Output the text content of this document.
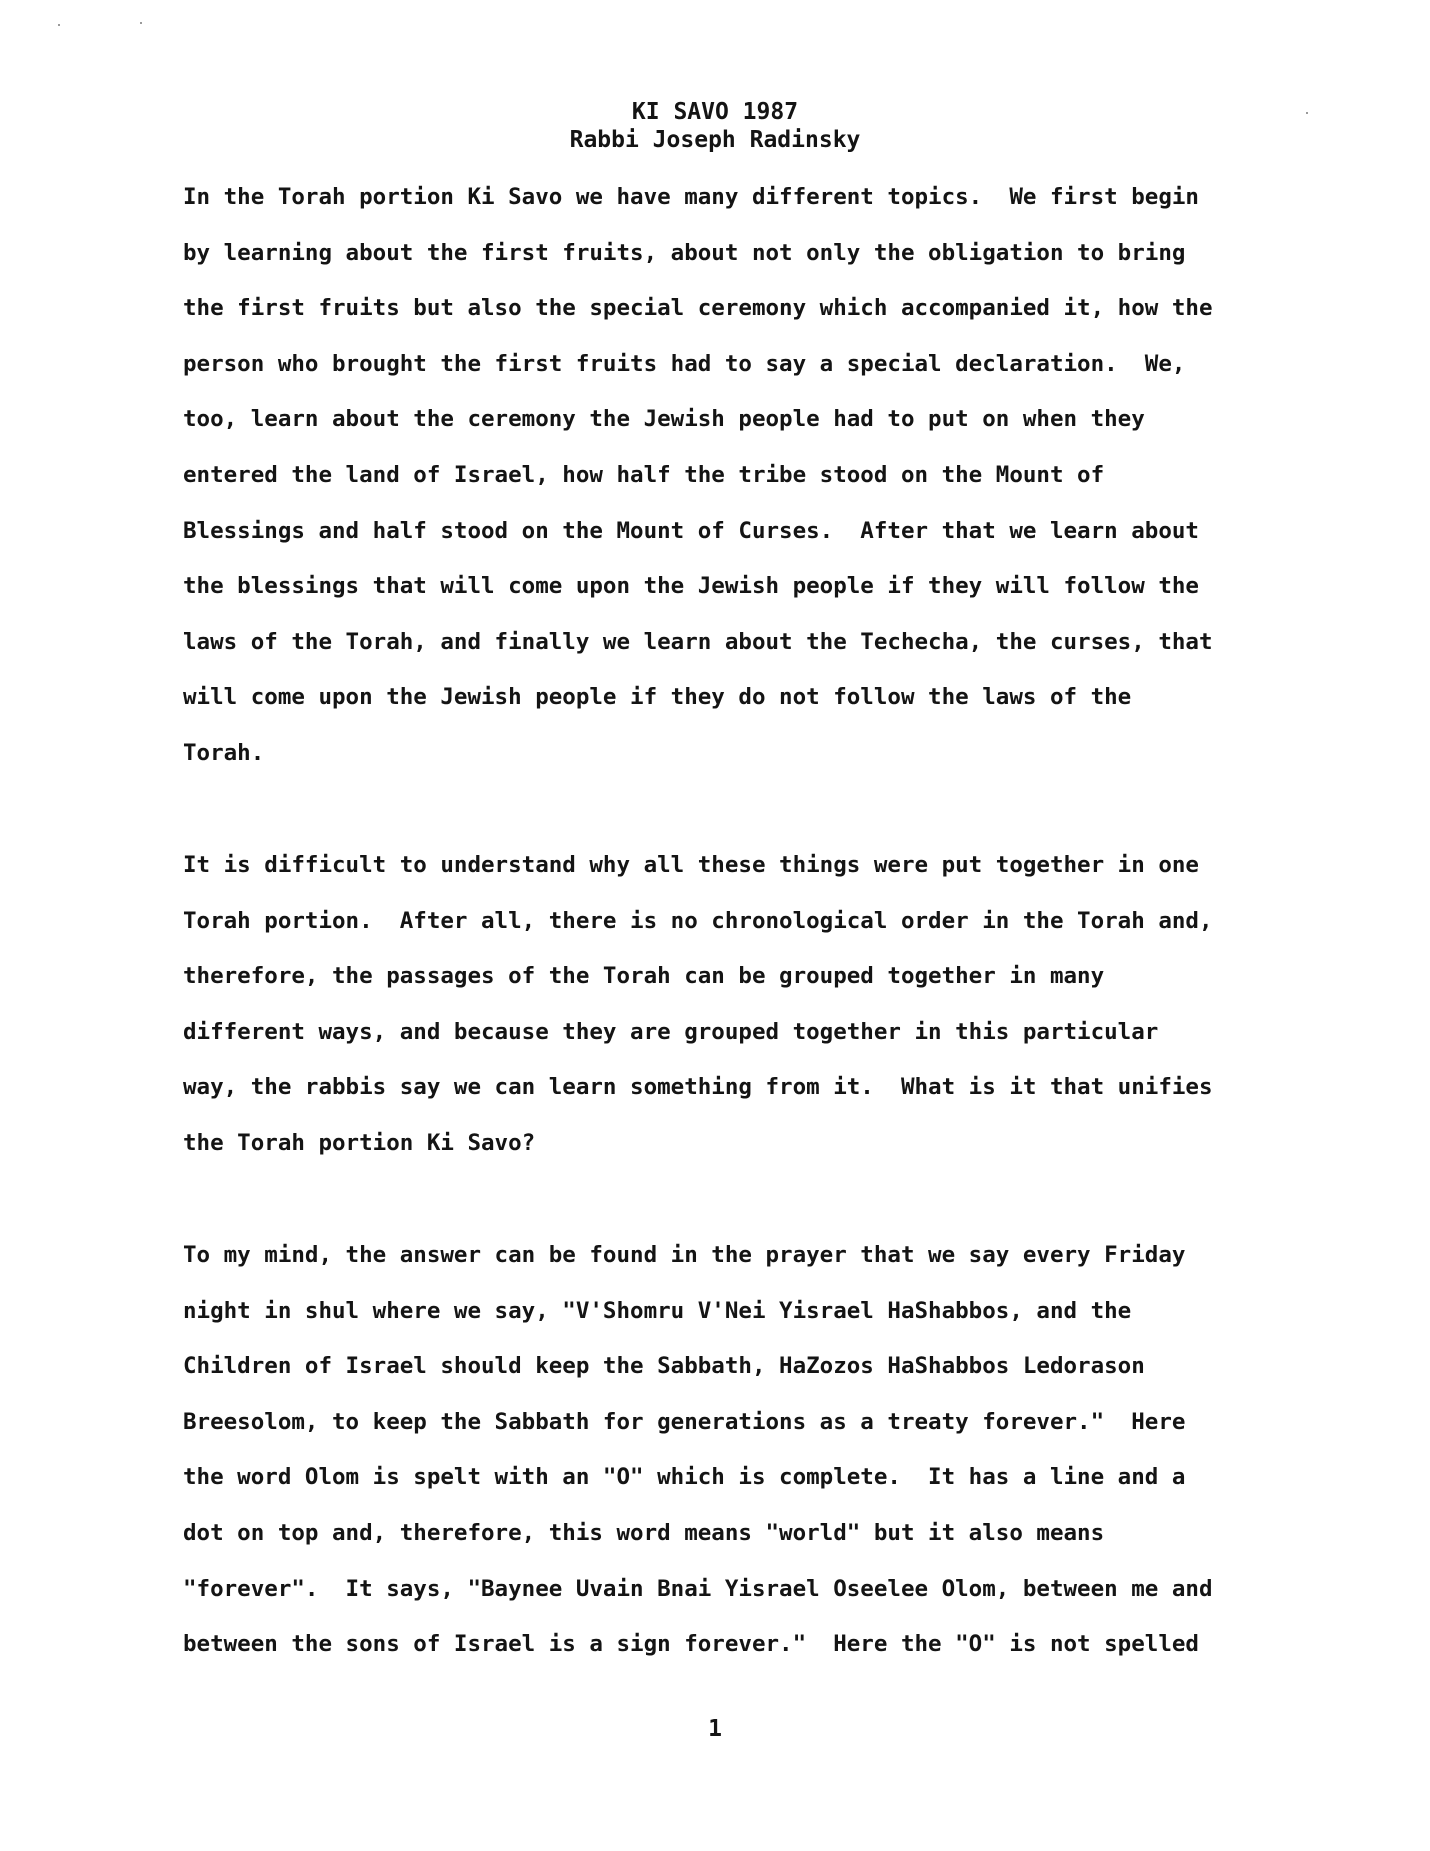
KI SAVO 1987
Rabbi Joseph Radinsky

In the Torah portion Ki Savo we have many different topics.  We first begin
by learning about the first fruits, about not only the obligation to bring
the first fruits but also the special ceremony which accompanied it, how the
person who brought the first fruits had to say a special declaration.  We,
too, learn about the ceremony the Jewish people had to put on when they
entered the land of Israel, how half the tribe stood on the Mount of
Blessings and half stood on the Mount of Curses.  After that we learn about
the blessings that will come upon the Jewish people if they will follow the
laws of the Torah, and finally we learn about the Techecha, the curses, that
will come upon the Jewish people if they do not follow the laws of the
Torah.

It is difficult to understand why all these things were put together in one
Torah portion.  After all, there is no chronological order in the Torah and,
therefore, the passages of the Torah can be grouped together in many
different ways, and because they are grouped together in this particular
way, the rabbis say we can learn something from it.  What is it that unifies
the Torah portion Ki Savo?

To my mind, the answer can be found in the prayer that we say every Friday
night in shul where we say, "V'Shomru V'Nei Yisrael HaShabbos, and the
Children of Israel should keep the Sabbath, HaZozos HaShabbos Ledorason
Breesolom, to keep the Sabbath for generations as a treaty forever."  Here
the word Olom is spelt with an "O" which is complete.  It has a line and a
dot on top and, therefore, this word means "world" but it also means
"forever".  It says, "Baynee Uvain Bnai Yisrael Oseelee Olom, between me and
between the sons of Israel is a sign forever."  Here the "O" is not spelled

1
